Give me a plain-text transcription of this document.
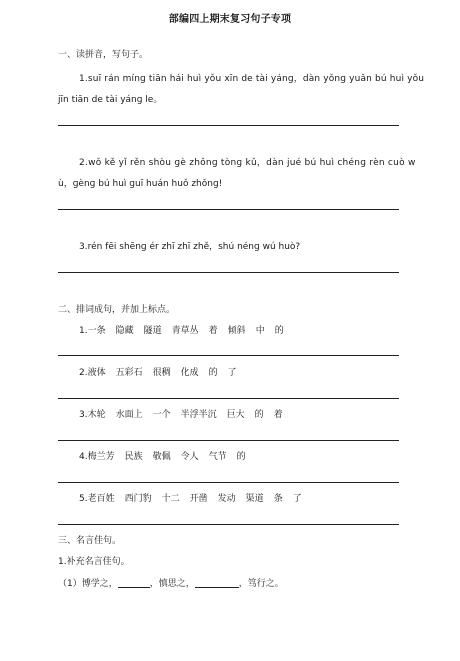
部编四上期末复习句子专项
一、读拼音，写句子。
1.suī rán mínɡ tiān hái huì yǒu xīn de tài yánɡ，dàn yǒnɡ yuǎn bú huì yǒu
jīn tiān de tài yánɡ le。
2.wǒ kě yǐ rěn shòu ɡè zhǒnɡ tònɡ kǔ，dàn jué bú huì chénɡ rèn cuò w
ù，ɡènɡ bú huì ɡuī huán huǒ zhǒnɡ!
3.rén fēi shēnɡ ér zhī zhī zhě，shú nénɡ wú huò?
二、排词成句，并加上标点。
1.一条 隐藏 隧道 青草丛 着 倾斜 中 的
2.液体 五彩石 很稠 化成 的 了
3.木轮 水面上 一个 半浮半沉 巨大 的 着
4.梅兰芳 民族 敬佩 令人 气节 的
5.老百姓 西门豹 十二 开凿 发动 渠道 条 了
三、名言佳句。
1.补充名言佳句。
（1）博学之，	，慎思之，	，笃行之。
